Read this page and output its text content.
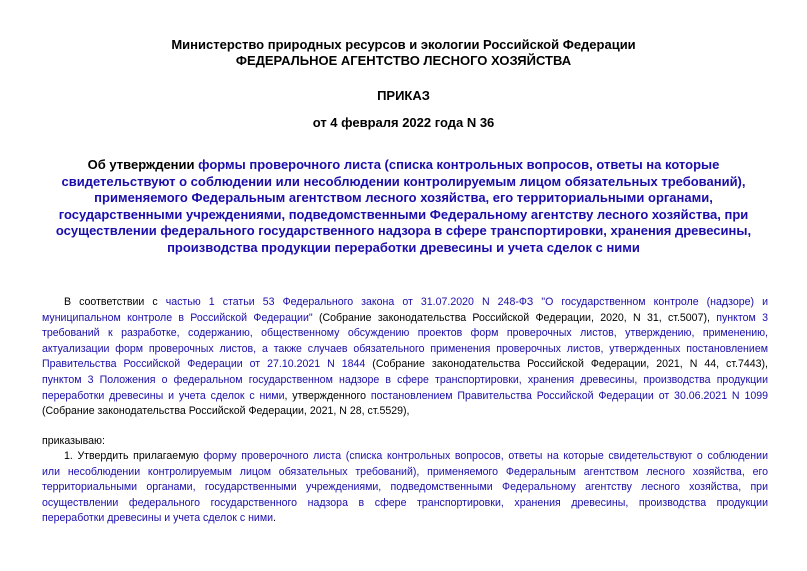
Министерство природных ресурсов и экологии Российской Федерации
ФЕДЕРАЛЬНОЕ АГЕНТСТВО ЛЕСНОГО ХОЗЯЙСТВА
ПРИКАЗ
от 4 февраля 2022 года N 36
Об утверждении формы проверочного листа (списка контрольных вопросов, ответы на которые
свидетельствуют о соблюдении или несоблюдении контролируемым лицом обязательных требований),
применяемого Федеральным агентством лесного хозяйства, его территориальными органами,
государственными учреждениями, подведомственными Федеральному агентству лесного хозяйства, при
осуществлении федерального государственного надзора в сфере транспортировки, хранения древесины,
производства продукции переработки древесины и учета сделок с ними
В соответствии с частью 1 статьи 53 Федерального закона от 31.07.2020 N 248-ФЗ "О государственном контроле (надзоре) и
муниципальном контроле в Российской Федерации" (Собрание законодательства Российской Федерации, 2020, N 31, ст.5007), пунктом 3
требований к разработке, содержанию, общественному обсуждению проектов форм проверочных листов, утверждению, применению,
актуализации форм проверочных листов, а также случаев обязательного применения проверочных листов, утвержденных постановлением
Правительства Российской Федерации от 27.10.2021 N 1844 (Собрание законодательства Российской Федерации, 2021, N 44, ст.7443),
пунктом 3 Положения о федеральном государственном надзоре в сфере транспортировки, хранения древесины, производства продукции
переработки древесины и учета сделок с ними, утвержденного постановлением Правительства Российской Федерации от 30.06.2021 N 1099
(Собрание законодательства Российской Федерации, 2021, N 28, ст.5529),
приказываю:
1. Утвердить прилагаемую форму проверочного листа (списка контрольных вопросов, ответы на которые свидетельствуют о соблюдении
или несоблюдении контролируемым лицом обязательных требований), применяемого Федеральным агентством лесного хозяйства, его
территориальными органами, государственными учреждениями, подведомственными Федеральному агентству лесного хозяйства, при
осуществлении федерального государственного надзора в сфере транспортировки, хранения древесины, производства продукции
переработки древесины и учета сделок с ними.
